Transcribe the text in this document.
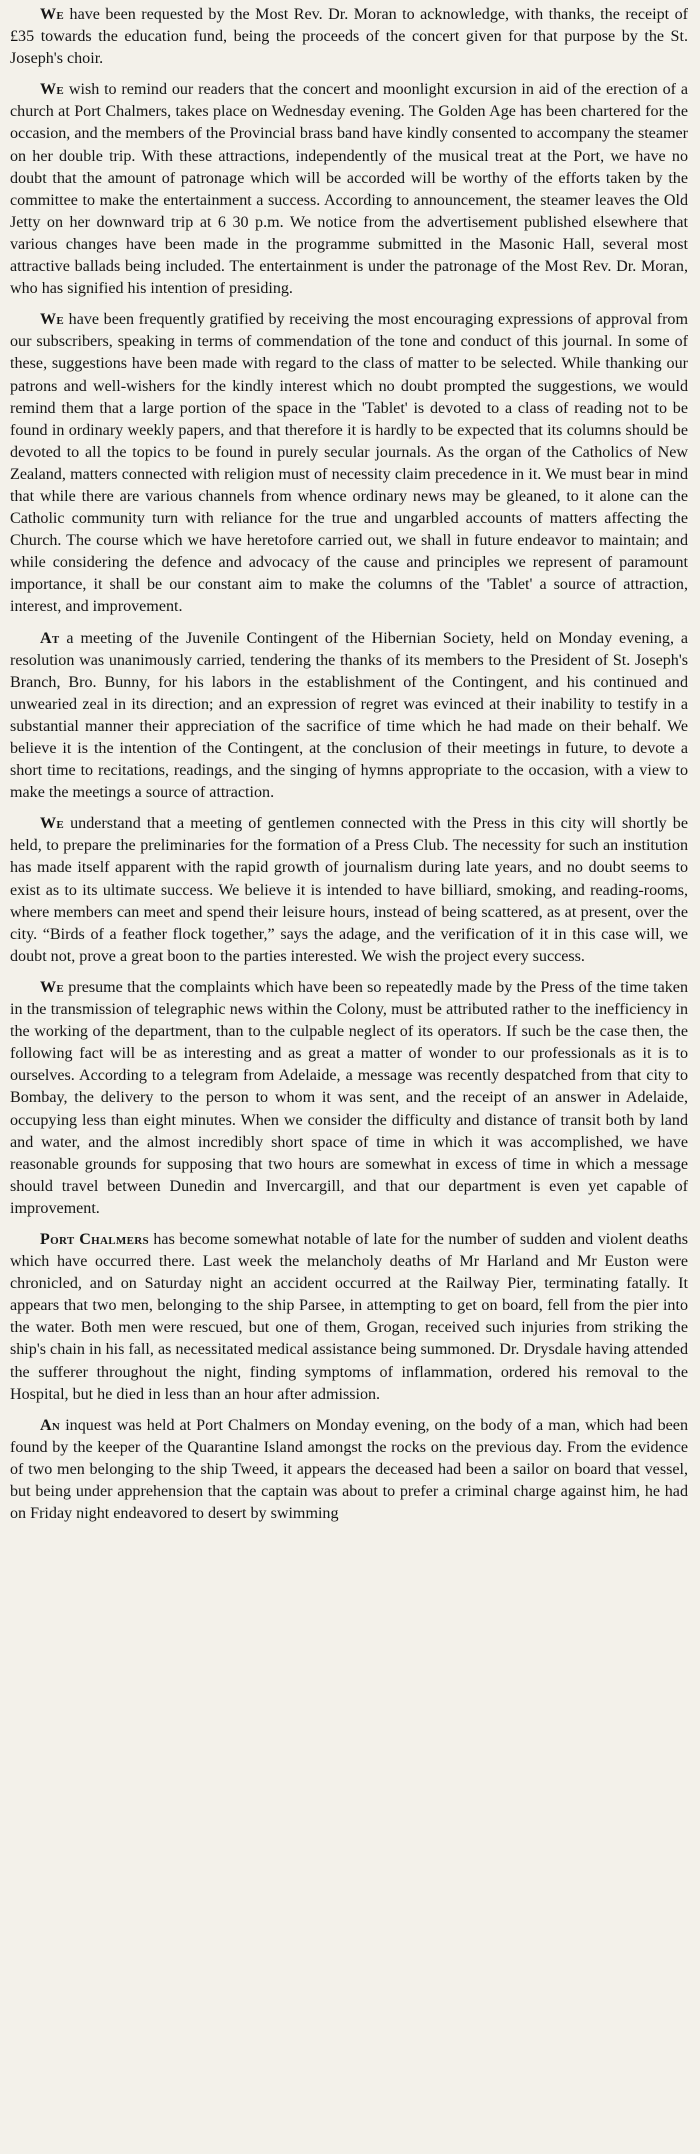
We have been requested by the Most Rev. Dr. Moran to acknowledge, with thanks, the receipt of £35 towards the education fund, being the proceeds of the concert given for that purpose by the St. Joseph's choir.

We wish to remind our readers that the concert and moonlight excursion in aid of the erection of a church at Port Chalmers, takes place on Wednesday evening. The Golden Age has been chartered for the occasion, and the members of the Provincial brass band have kindly consented to accompany the steamer on her double trip. With these attractions, independently of the musical treat at the Port, we have no doubt that the amount of patronage which will be accorded will be worthy of the efforts taken by the committee to make the entertainment a success. According to announcement, the steamer leaves the Old Jetty on her downward trip at 6 30 p.m. We notice from the advertisement published elsewhere that various changes have been made in the programme submitted in the Masonic Hall, several most attractive ballads being included. The entertainment is under the patronage of the Most Rev. Dr. Moran, who has signified his intention of presiding.

We have been frequently gratified by receiving the most encouraging expressions of approval from our subscribers, speaking in terms of commendation of the tone and conduct of this journal. In some of these, suggestions have been made with regard to the class of matter to be selected. While thanking our patrons and well-wishers for the kindly interest which no doubt prompted the suggestions, we would remind them that a large portion of the space in the 'Tablet' is devoted to a class of reading not to be found in ordinary weekly papers, and that therefore it is hardly to be expected that its columns should be devoted to all the topics to be found in purely secular journals. As the organ of the Catholics of New Zealand, matters connected with religion must of necessity claim precedence in it. We must bear in mind that while there are various channels from whence ordinary news may be gleaned, to it alone can the Catholic community turn with reliance for the true and ungarbled accounts of matters affecting the Church. The course which we have heretofore carried out, we shall in future endeavor to maintain; and while considering the defence and advocacy of the cause and principles we represent of paramount importance, it shall be our constant aim to make the columns of the 'Tablet' a source of attraction, interest, and improvement.

At a meeting of the Juvenile Contingent of the Hibernian Society, held on Monday evening, a resolution was unanimously carried, tendering the thanks of its members to the President of St. Joseph's Branch, Bro. Bunny, for his labors in the establishment of the Contingent, and his continued and unwearied zeal in its direction; and an expression of regret was evinced at their inability to testify in a substantial manner their appreciation of the sacrifice of time which he had made on their behalf. We believe it is the intention of the Contingent, at the conclusion of their meetings in future, to devote a short time to recitations, readings, and the singing of hymns appropriate to the occasion, with a view to make the meetings a source of attraction.

We understand that a meeting of gentlemen connected with the Press in this city will shortly be held, to prepare the preliminaries for the formation of a Press Club. The necessity for such an institution has made itself apparent with the rapid growth of journalism during late years, and no doubt seems to exist as to its ultimate success. We believe it is intended to have billiard, smoking, and reading-rooms, where members can meet and spend their leisure hours, instead of being scattered, as at present, over the city. “Birds of a feather flock together,” says the adage, and the verification of it in this case will, we doubt not, prove a great boon to the parties interested. We wish the project every success.

We presume that the complaints which have been so repeatedly made by the Press of the time taken in the transmission of telegraphic news within the Colony, must be attributed rather to the inefficiency in the working of the department, than to the culpable neglect of its operators. If such be the case then, the following fact will be as interesting and as great a matter of wonder to our professionals as it is to ourselves. According to a telegram from Adelaide, a message was recently despatched from that city to Bombay, the delivery to the person to whom it was sent, and the receipt of an answer in Adelaide, occupying less than eight minutes. When we consider the difficulty and distance of transit both by land and water, and the almost incredibly short space of time in which it was accomplished, we have reasonable grounds for supposing that two hours are somewhat in excess of time in which a message should travel between Dunedin and Invercargill, and that our department is even yet capable of improvement.

Port Chalmers has become somewhat notable of late for the number of sudden and violent deaths which have occurred there. Last week the melancholy deaths of Mr Harland and Mr Euston were chronicled, and on Saturday night an accident occurred at the Railway Pier, terminating fatally. It appears that two men, belonging to the ship Parsee, in attempting to get on board, fell from the pier into the water. Both men were rescued, but one of them, Grogan, received such injuries from striking the ship's chain in his fall, as necessitated medical assistance being summoned. Dr. Drysdale having attended the sufferer throughout the night, finding symptoms of inflammation, ordered his removal to the Hospital, but he died in less than an hour after admission.

An inquest was held at Port Chalmers on Monday evening, on the body of a man, which had been found by the keeper of the Quarantine Island amongst the rocks on the previous day. From the evidence of two men belonging to the ship Tweed, it appears the deceased had been a sailor on board that vessel, but being under apprehension that the captain was about to prefer a criminal charge against him, he had on Friday night endeavored to desert by swimming
